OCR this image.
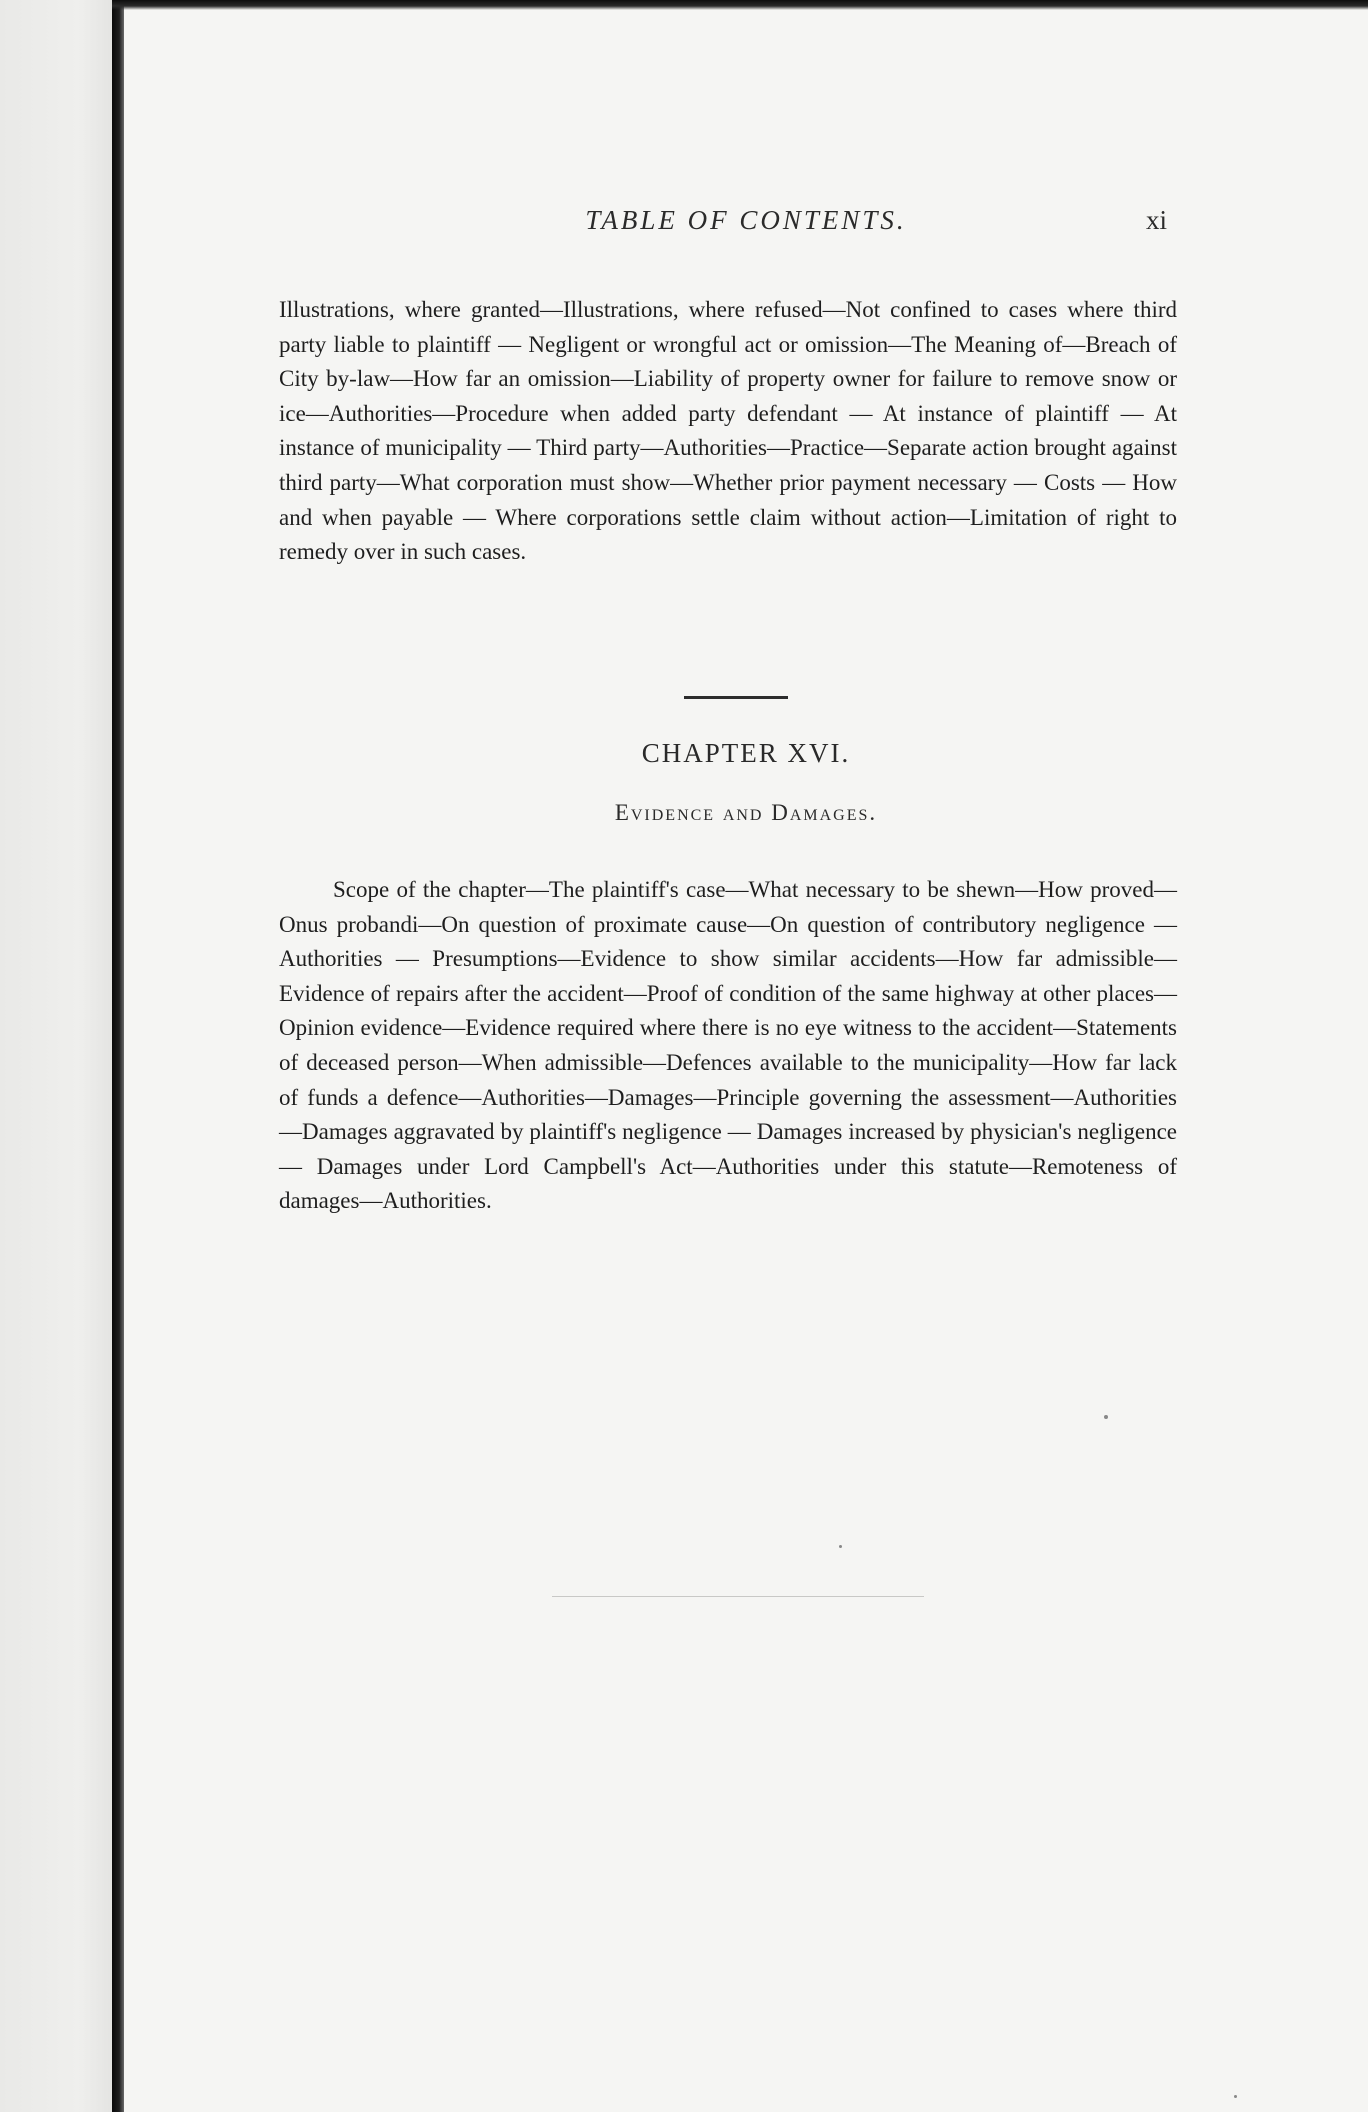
TABLE OF CONTENTS.	xi

Illustrations, where granted—Illustrations, where refused—Not confined to cases where third party liable to plaintiff — Negligent or wrongful act or omission—The Meaning of—Breach of City by-law—How far an omission—Liability of property owner for failure to remove snow or ice—Authorities—Procedure when added party defendant — At instance of plaintiff — At instance of municipality — Third party—Authorities—Practice—Separate action brought against third party—What corporation must show—Whether prior payment necessary — Costs — How and when payable — Where corporations settle claim without action—Limitation of right to remedy over in such cases.

CHAPTER XVI.
Evidence and Damages.

Scope of the chapter—The plaintiff's case—What necessary to be shewn—How proved—Onus probandi—On question of proximate cause—On question of contributory negligence — Authorities — Presumptions—Evidence to show similar accidents—How far admissible—Evidence of repairs after the accident—Proof of condition of the same highway at other places—Opinion evidence—Evidence required where there is no eye witness to the accident—Statements of deceased person—When admissible—Defences available to the municipality—How far lack of funds a defence—Authorities—Damages—Principle governing the assessment—Authorities—Damages aggravated by plaintiff's negligence — Damages increased by physician's negligence — Damages under Lord Campbell's Act—Authorities under this statute—Remoteness of damages—Authorities.
